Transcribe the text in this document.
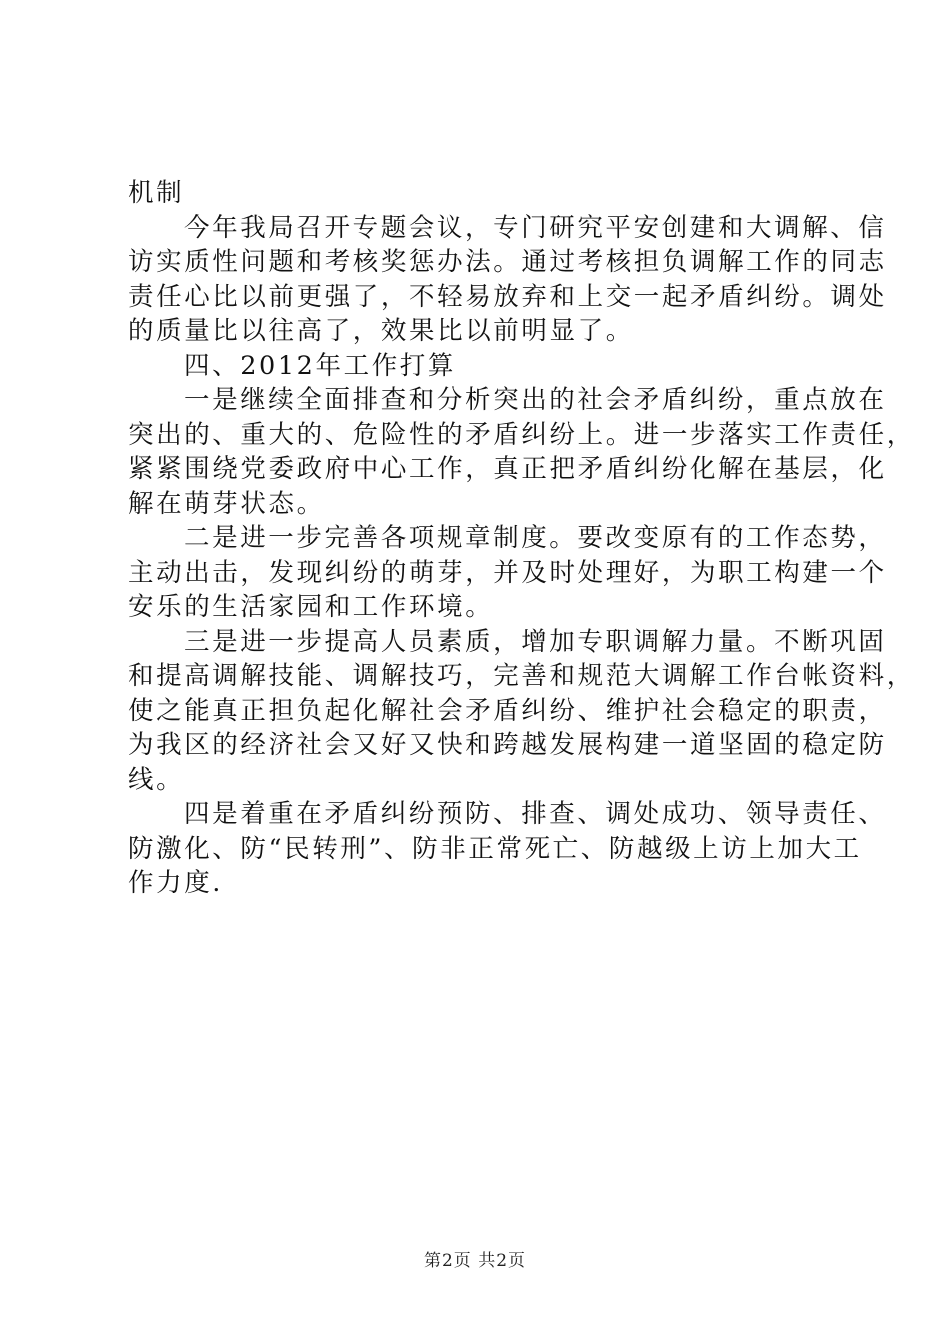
机制
今年我局召开专题会议，专门研究平安创建和大调解、信
访实质性问题和考核奖惩办法。通过考核担负调解工作的同志
责任心比以前更强了，不轻易放弃和上交一起矛盾纠纷。调处
的质量比以往高了，效果比以前明显了。
四、2012年工作打算
一是继续全面排查和分析突出的社会矛盾纠纷，重点放在
突出的、重大的、危险性的矛盾纠纷上。进一步落实工作责任，
紧紧围绕党委政府中心工作，真正把矛盾纠纷化解在基层，化
解在萌芽状态。
二是进一步完善各项规章制度。要改变原有的工作态势，
主动出击，发现纠纷的萌芽，并及时处理好，为职工构建一个
安乐的生活家园和工作环境。
三是进一步提高人员素质，增加专职调解力量。不断巩固
和提高调解技能、调解技巧，完善和规范大调解工作台帐资料，
使之能真正担负起化解社会矛盾纠纷、维护社会稳定的职责，
为我区的经济社会又好又快和跨越发展构建一道坚固的稳定防
线。
四是着重在矛盾纠纷预防、排查、调处成功、领导责任、
防激化、防“民转刑”、防非正常死亡、防越级上访上加大工
作力度.
第2页 共2页
